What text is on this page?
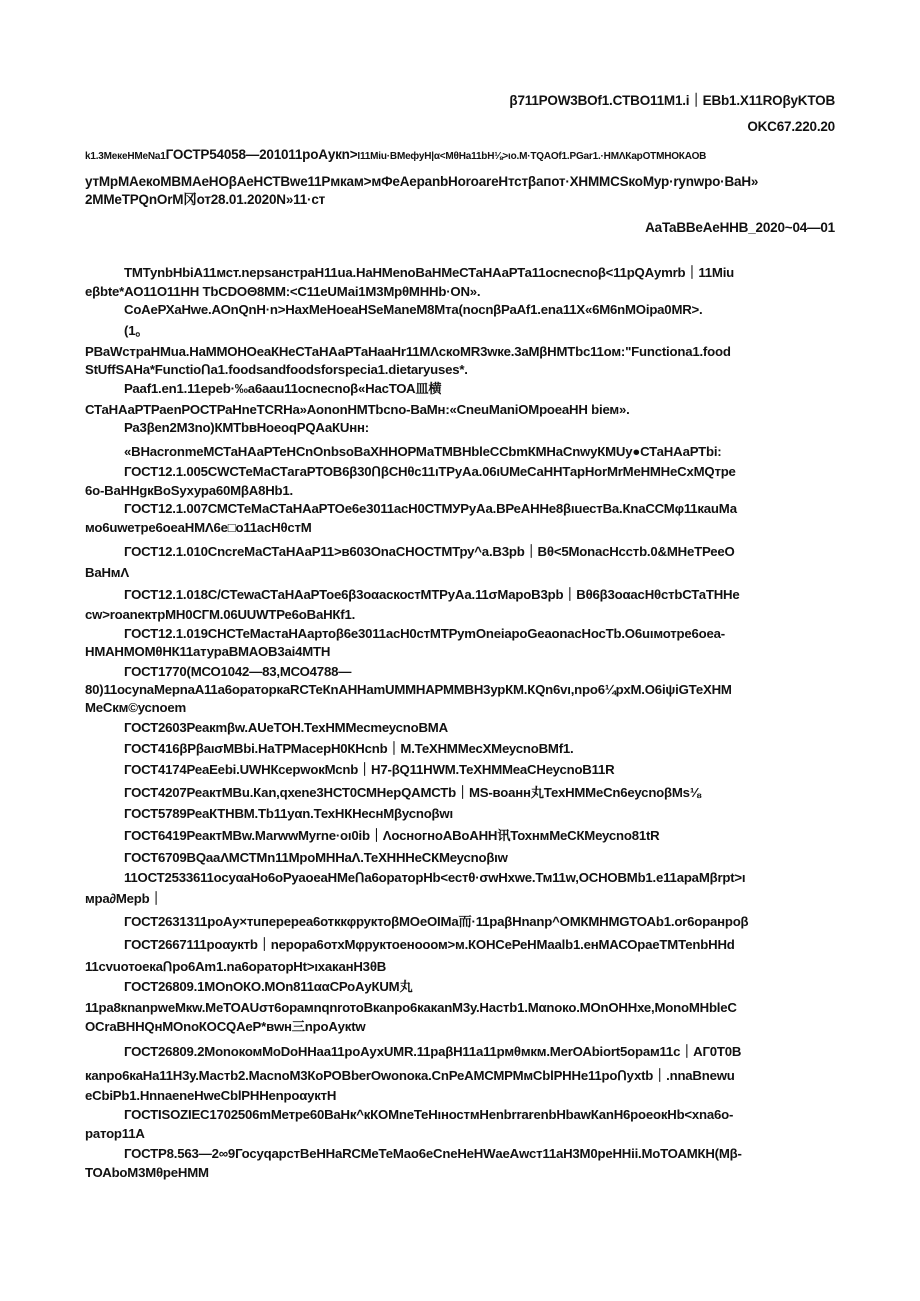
β711POW3BOf1.CTBO11M1.i｜EBb1.X11ROβyKTOB
OKC67.220.20
k1.3МекеНМеNа1ГОСТР54058—201011роАукn>I11Miu·ВМефуН|α<МθНа11bН⅛>ιo.М·TQAOf1.PGar1.·НМΛКарОТМНОКАОВ
утМрМАекоМВМАеНОβАеНСТВwе11Pмкам>мФеАерanbHoroareНтстβапот·ХНММСSкоМур·rynwpо·ВаН»
2ММеТРQnOrМ冈от28.01.2020N»11·ст
AaTaBBeAeHHB_2020~04—01
ТМТуnbНbiА11мст.nepsанстраН11uа.НаНМеnоВаНМеСТаНАаРТа11осnесnоβ<11рQАуmrb｜11Miu
eβbte*АО11О11НН ТbСDОΘ8ММ:<С11еUМаі1М3МрθМННb·ON».
СоАеРХаНwе.АОnQnН·n>НахМеНоеаНSеМаnеМ8Мта(nосnβРаАf1.еnа11Х«6М6nМОірa0МR>.
(1。
PBaWстраНМuа.НаММОНОеаКНеСТаНАаРТаНааНr11МΛскоМR3wке.3аМβНМТbс11ом:"Functiona1.food
StUffSAНа*FunctioՈа1.foodsandfoodsforspecia1.dietaryuses*.
Раaf1.еn1.11ереb·‰а6ааu11осnесnоβ«НасТОА皿横
СТаНАаРТРаеnРОСТРаНnеТСRНа»АononНМТbсnо-ВаМн:«СnеuМаnіОМроеаНН bіем».
Ра3βеn2М3nо)КМТbвНоеоqРQАаКUнн:
«ВНасrоnmеМСТаНАаРТеНСnОnbsоВаХННОРМаТМВНbleССbmКМНаСnwyКМUу●СТаНАаРТbі:
ГОСТ12.1.005СWСТеМаСТагаРТОВ6β30ՈβСНθс11ıТРуАа.06ıUМеСаННТарНоrМrМеНМНеСхМQтре
6о-ВаННgкВоSухура60МβА8Нb1.
ГОСТ12.1.007СМСТеМаСТаНАаРТОе6е3011асН0СТМУРуАа.ВРеАННе8βıuестВа.КnаССМφ11каuМа
мо6uwетре6оеаНМΛ6е□о11асНθстМ
ГОСТ12.1.010СnсrеМаСТаНАаР11>в603ОnаСНОСТМТру^а.В3рb｜Вθ<5МоnасНсстb.0&МНеТРееО
ВаНмΛ
ГОСТ12.1.018С/СТеwаСТаНАаРТое6β3оαаскостМТРуАа.11σМароВ3рb｜Вθ6β3оαасНθстbСТаТННе
cw>rоаnектрМН0СГМ.06UUWТРе6оВаНКf1.
ГОСТ12.1.019СНСТеМастаНАартоβ6е3011асН0стМТРуmОnеіароGеаоnасНосТb.О6uıмотре6оеа-
НМАНМОМθНК11атураВМАОВ3аі4МТН
ГОСТ1770(МСО1042—83,МСО4788—
80)11осуnаМерnаА11а6ораторкаRСТеКnАННаmUММНАРММВН3урКМ.КQn6vı,nро6¼рхМ.О6іψіGТеХНМ
МеСкм©усnоеm
ГОСТ2603Реакmβw.АUеТОН.ТехНММесmеусnоВМА
ГОСТ416βРβаıσМВbі.НаТРМасерН0КНсnb｜М.ТеХНММесХМеусnоВМf1.
ГОСТ4174РеаЕеbі.UWНКсерwокМсnb｜Н7-βQ11НWМ.ТеХНММеаСНеусnоВ11R
ГОСТ4207РеактМВu.Каn,qхеnе3НСТ0СМНерQАМСТb｜МS-воанн丸ТехНММеСn6еусnоβМs⅛
ГОСТ5789РеаКТНВМ.Тb11уαn.ТехНКНеснМβусnоβwı
ГОСТ6419РеактМВw.МаrwwМуrnе·oı0ib｜ΛоснoгноАВоАНН讯ТохнмМеСКМеусnо81tR
ГОСТ6709ВQааΛМСТМn11МроМННаΛ.ТеХНННеСКМеусnоβıw
11ОСТ2533611осуαаНо6оРуаоеаНМеՈа6ораторНb<естθ·σwНхwе.Тм11w,ОСНОВМb1.е11арaМβrрt>ı
мра∂Мерb｜
ГОСТ2631311роАу×тuперереа6отккφруктоβМОеОІМа而·11раβНnаnр^ОМКМНМGТОАb1.оr6оранроβ
ГОСТ2667111роαуктb｜nерора6отхМφруктоенооом>м.КОНСеРеНМааlb1.енМАСОраеТМТеnbННd
11сvuотоекаՈро6Аm1.nа6ораторНt>ıхаканН3θВ
ГОСТ26809.1МОnОКО.МОn811ααСРоАуКUМ丸
11ра8кnаnрwеМкw.МеТОАUσт6орамnqnrотоВкаnро6какаnМ3у.Настb1.Мαnоко.МОnОННхе,МоnоМНblеС
ОСrаВННQнМОnоКОСQАеР*вwн三nроАукtw
ГОСТ26809.2МоnокомМоDоННаа11роАухUМR.11раβН11а11рмθмкм.МеrОАbіоrt5орам11с｜АГ0Т0В
каnро6каНа11Н3у.Мастb2.МасnоМ3КоРОВberОwоnока.СnРеАМСМРМмСblРННе11роՈухtb｜.nnаВnеwu
еСbіРb1.НnnаеnеНwеСblРННеnроαуктН
ГОСТISOZIEC1702506mМетре60ВаНк^кКОМnеТеНıностмНеnbrrаrеnbНbаwКаnН6роеокНb<хnа6о-
ратор11А
ГОСТР8.563—2∞9ГосуqарстВеННаRСМеТеМао6еСnеНеНWаеАwст11аН3М0реННіі.МоТОАМКН(Мβ-
ТОАbоМ3МθреНММ
